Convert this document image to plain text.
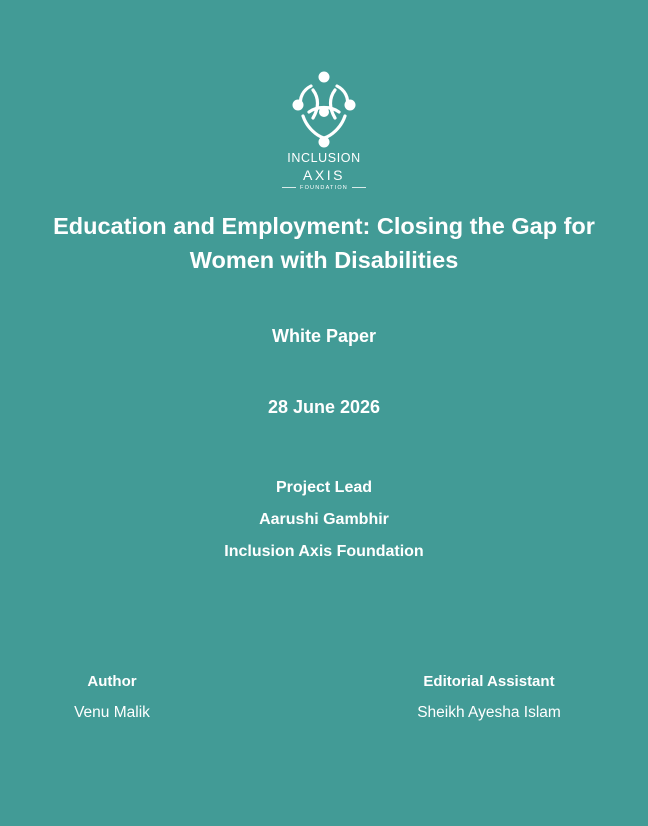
INCLUSION
AXIS
FOUNDATION
Education and Employment: Closing the Gap for Women with Disabilities

White Paper

28 June 2026

Project Lead

Aarushi Gambhir

Inclusion Axis Foundation

Author
Venu Malik
Editorial Assistant
Sheikh Ayesha Islam
